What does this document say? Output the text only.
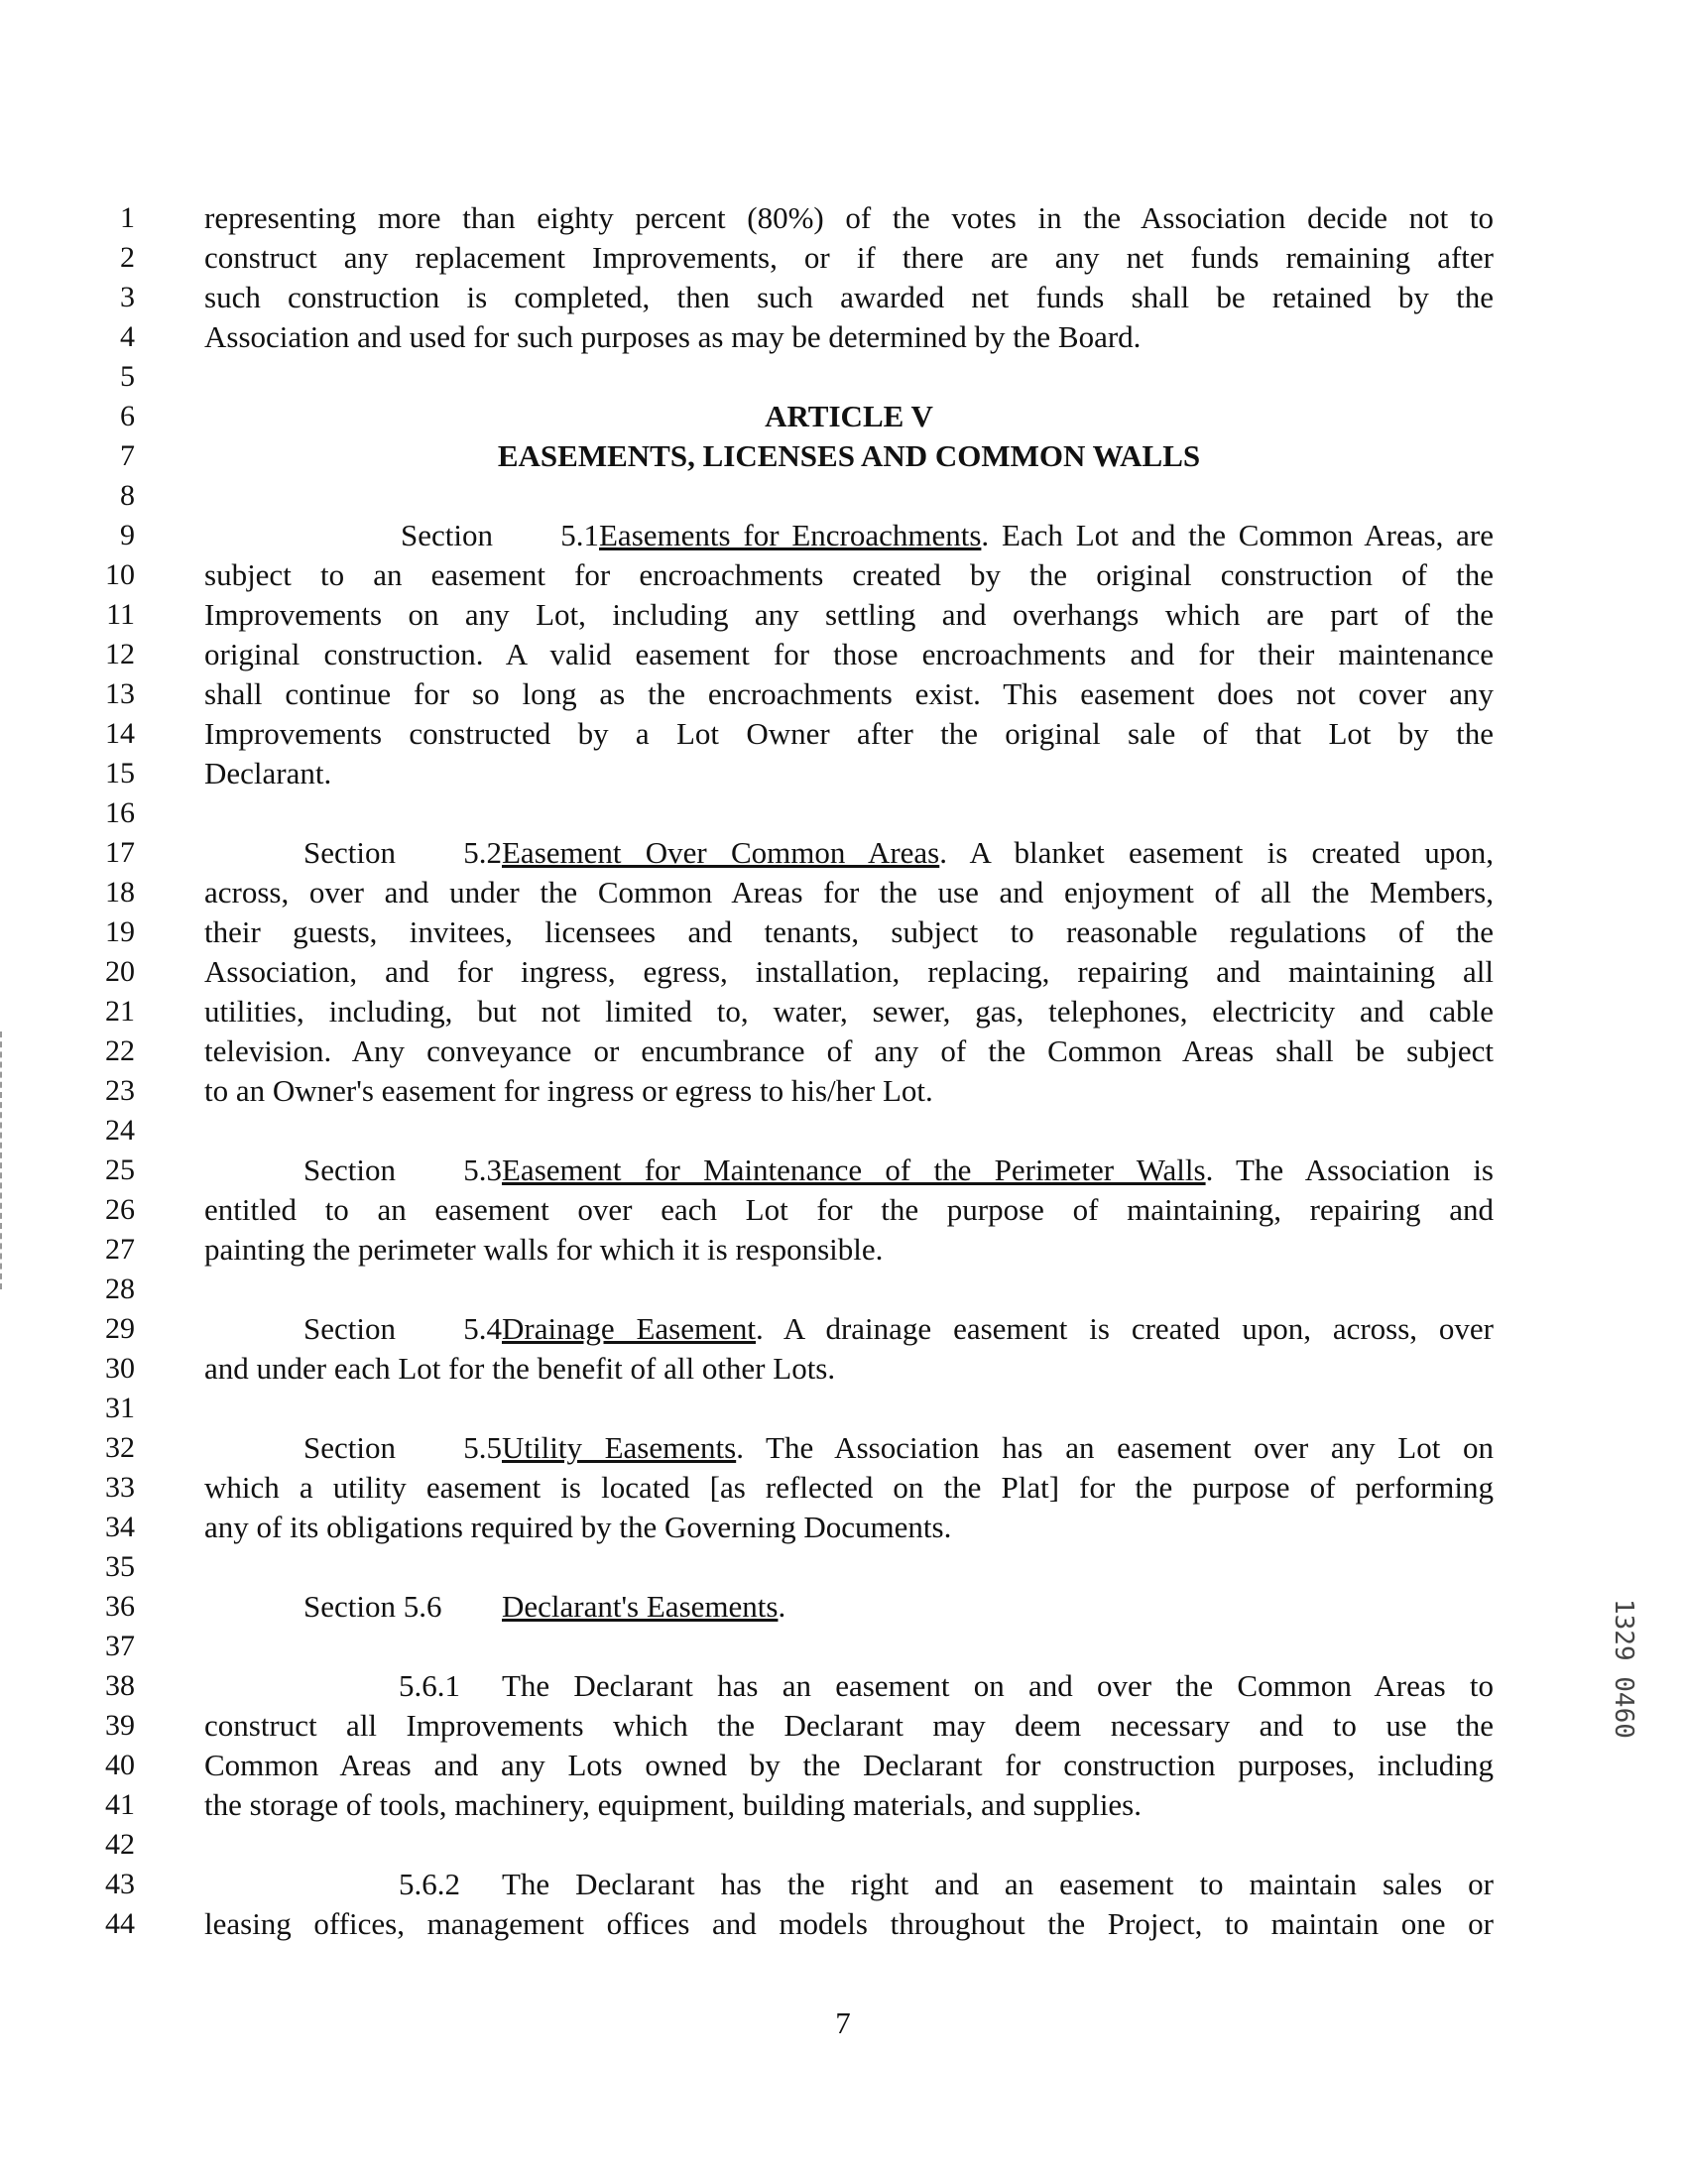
1 representing more than eighty percent (80%) of the votes in the Association decide not to
2 construct any replacement Improvements, or if there are any net funds remaining after
3 such construction is completed, then such awarded net funds shall be retained by the
4 Association and used for such purposes as may be determined by the Board.
5
6
7
8
9
10 subject to an easement for encroachments created by the original construction of the
11 Improvements on any Lot, including any settling and overhangs which are part of the
12 original construction. A valid easement for those encroachments and for their maintenance
13 shall continue for so long as the encroachments exist. This easement does not cover any
14 Improvements constructed by a Lot Owner after the original sale of that Lot by the
15 Declarant.
16
17
18 across, over and under the Common Areas for the use and enjoyment of all the Members,
19 their guests, invitees, licensees and tenants, subject to reasonable regulations of the
20 Association, and for ingress, egress, installation, replacing, repairing and maintaining all
21 utilities, including, but not limited to, water, sewer, gas, telephones, electricity and cable
22 television. Any conveyance or encumbrance of any of the Common Areas shall be subject
23 to an Owner's easement for ingress or egress to his/her Lot.
24
25
26 entitled to an easement over each Lot for the purpose of maintaining, repairing and
27 painting the perimeter walls for which it is responsible.
28
29
30 and under each Lot for the benefit of all other Lots.
31
32
33 which a utility easement is located [as reflected on the Plat] for the purpose of performing
34 any of its obligations required by the Governing Documents.
35
36
37
38
39 construct all Improvements which the Declarant may deem necessary and to use the
40 Common Areas and any Lots owned by the Declarant for construction purposes, including
41 the storage of tools, machinery, equipment, building materials, and supplies.
42
43
44 leasing offices, management offices and models throughout the Project, to maintain one or
ARTICLE V
EASEMENTS, LICENSES AND COMMON WALLS
Section 5.1Easements for Encroachments. Each Lot and the Common Areas, are
Section 5.2Easement Over Common Areas. A blanket easement is created upon,
Section 5.3Easement for Maintenance of the Perimeter Walls. The Association is
Section 5.4Drainage Easement. A drainage easement is created upon, across, over
Section 5.5Utility Easements. The Association has an easement over any Lot on
Section 5.6 Declarant's Easements.
5.6.1 The Declarant has an easement on and over the Common Areas to
5.6.2 The Declarant has the right and an easement to maintain sales or
7
1329 0460
